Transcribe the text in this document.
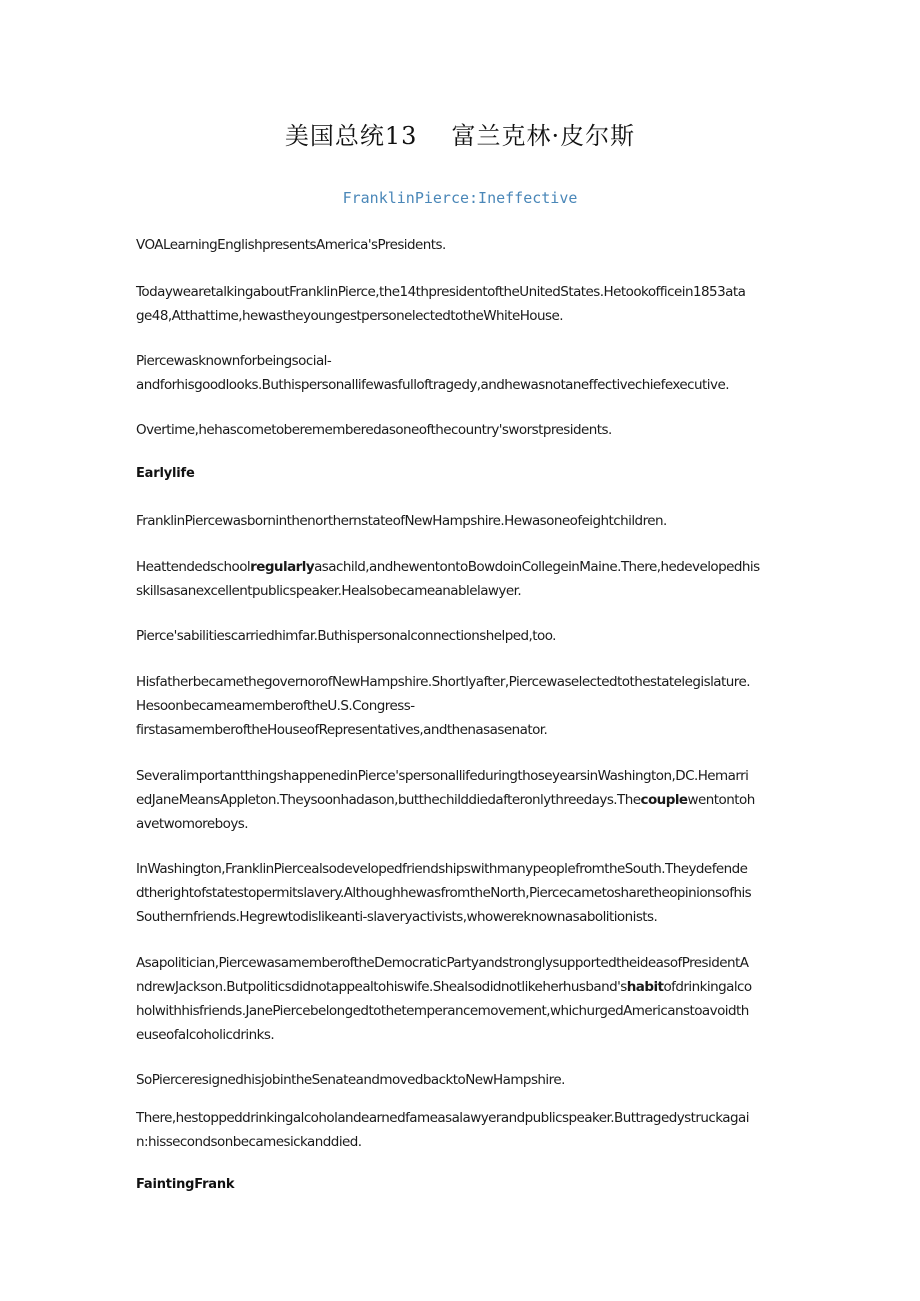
美国总统13 富兰克林·皮尔斯
FranklinPierce:Ineffective
VOALearningEnglishpresentsAmerica'sPresidents.
TodaywearetalkingaboutFranklinPierce,the14thpresidentoftheUnitedStates.Hetookofficein1853ata
ge48,Atthattime,hewastheyoungestpersonelectedtotheWhiteHouse.
Piercewasknownforbeingsocial-
andforhisgoodlooks.Buthispersonallifewasfulloftragedy,andhewasnotaneffectivechiefexecutive.
Overtime,hehascometoberememberedasoneofthecountry'sworstpresidents.
Earlylife
FranklinPiercewasborninthenorthernstateofNewHampshire.Hewasoneofeightchildren.
Heattendedschoolregularlyasachild,andhewentontoBowdoinCollegeinMaine.There,hedevelopedhis
skillsasanexcellentpublicspeaker.Healsobecameanablelawyer.
Pierce'sabilitiescarriedhimfar.Buthispersonalconnectionshelped,too.
HisfatherbecamethegovernorofNewHampshire.Shortlyafter,Piercewaselectedtothestatelegislature.
HesoonbecameamemberoftheU.S.Congress-
firstasamemberoftheHouseofRepresentatives,andthenasasenator.
SeveralimportantthingshappenedinPierce'spersonallifeduringthoseyearsinWashington,DC.Hemarri
edJaneMeansAppleton.Theysoonhadason,butthechilddiedafteronlythreedays.Thecouplewentontoh
avetwomoreboys.
InWashington,FranklinPiercealsodevelopedfriendshipswithmanypeoplefromtheSouth.Theydefende
dtherightofstatestopermitslavery.AlthoughhewasfromtheNorth,Piercecametosharetheopinionsofhis
Southernfriends.Hegrewtodislikeanti-slaveryactivists,whowereknownasabolitionists.
Asapolitician,PiercewasamemberoftheDemocraticPartyandstronglysupportedtheideasofPresidentA
ndrewJackson.Butpoliticsdidnotappealtohiswife.Shealsodidnotlikeherhusband'shabitofdrinkingalco
holwithhisfriends.JanePiercebelongedtothetemperancemovement,whichurgedAmericanstoavoidth
euseofalcoholicdrinks.
SoPierceresignedhisjobintheSenateandmovedbacktoNewHampshire.
There,hestoppeddrinkingalcoholandearnedfameasalawyerandpublicspeaker.Buttragedystruckagai
n:hissecondsonbecamesickanddied.
FaintingFrank
